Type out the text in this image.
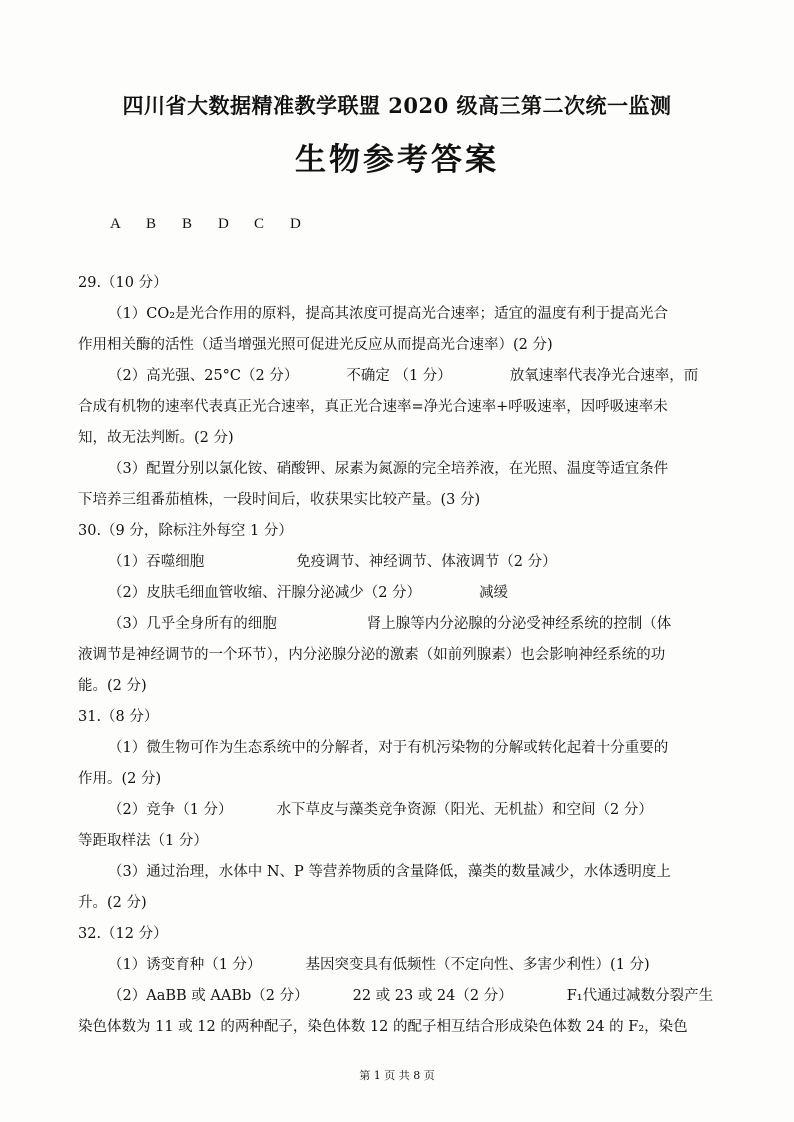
四川省大数据精准教学联盟 2020 级高三第二次统一监测
生物参考答案
A B B D C D
29.（10 分）
（1）CO₂是光合作用的原料，提高其浓度可提高光合速率；适宜的温度有利于提高光合
作用相关酶的活性（适当增强光照可促进光反应从而提高光合速率）(2 分)
（2）高光强、25°C（2 分）	不确定 （1 分）	放氧速率代表净光合速率，而
合成有机物的速率代表真正光合速率，真正光合速率=净光合速率+呼吸速率，因呼吸速率未
知，故无法判断。(2 分)
（3）配置分别以氯化铵、硝酸钾、尿素为氮源的完全培养液，在光照、温度等适宜条件
下培养三组番茄植株，一段时间后，收获果实比较产量。(3 分)
30.（9 分，除标注外每空 1 分）
（1）吞噬细胞	免疫调节、神经调节、体液调节（2 分）
（2）皮肤毛细血管收缩、汗腺分泌减少（2 分）	减缓
（3）几乎全身所有的细胞	肾上腺等内分泌腺的分泌受神经系统的控制（体
液调节是神经调节的一个环节），内分泌腺分泌的激素（如前列腺素）也会影响神经系统的功
能。(2 分)
31.（8 分）
（1）微生物可作为生态系统中的分解者，对于有机污染物的分解或转化起着十分重要的
作用。(2 分)
（2）竞争（1 分）	水下草皮与藻类竞争资源（阳光、无机盐）和空间（2 分）
等距取样法（1 分）
（3）通过治理，水体中 N、P 等营养物质的含量降低，藻类的数量减少，水体透明度上
升。(2 分)
32.（12 分）
（1）诱变育种（1 分）	基因突变具有低频性（不定向性、多害少利性）(1 分)
（2）AaBB 或 AABb（2 分）	22 或 23 或 24（2 分）	F₁代通过减数分裂产生
染色体数为 11 或 12 的两种配子，染色体数 12 的配子相互结合形成染色体数 24 的 F₂，染色
第 1 页 共 8 页
